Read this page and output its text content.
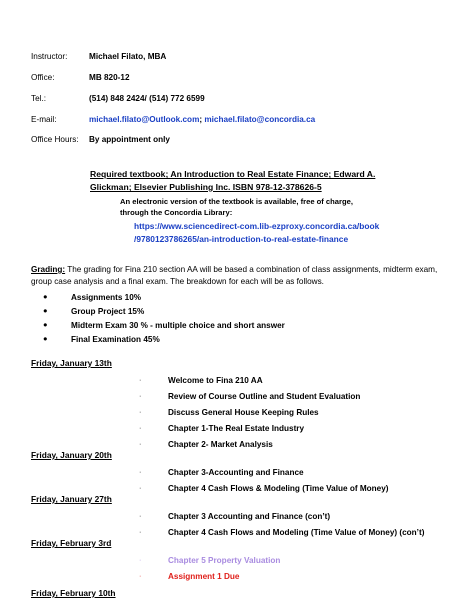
Instructor:	Michael Filato, MBA
Office:	MB 820-12
Tel.:	(514) 848 2424/ (514) 772 6599
E-mail:	michael.filato@Outlook.com; michael.filato@concordia.ca
Office Hours: By appointment only
Required textbook; An Introduction to Real Estate Finance; Edward A.
Glickman; Elsevier Publishing Inc. ISBN 978-12-378626-5
An electronic version of the textbook is available, free of charge,
through the Concordia Library:
https://www.sciencedirect-com.lib-ezproxy.concordia.ca/book
/9780123786265/an-introduction-to-real-estate-finance
Grading: The grading for Fina 210 section AA will be based a combination of class assignments, midterm exam,
group case analysis and a final exam. The breakdown for each will be as follows.
● Assignments 10%
● Group Project 15%
● Midterm Exam 30 % - multiple choice and short answer
● Final Examination 45%
Friday, January 13th
·	Welcome to Fina 210 AA
·	Review of Course Outline and Student Evaluation
·	Discuss General House Keeping Rules
·	Chapter 1-The Real Estate Industry
·	Chapter 2- Market Analysis
Friday, January 20th
·	Chapter 3-Accounting and Finance
·	Chapter 4 Cash Flows & Modeling (Time Value of Money)
Friday, January 27th
·	Chapter 3 Accounting and Finance (con’t)
·	Chapter 4 Cash Flows and Modeling (Time Value of Money) (con’t)
Friday, February 3rd
·	Chapter 5 Property Valuation
·	Assignment 1 Due
Friday, February 10th
